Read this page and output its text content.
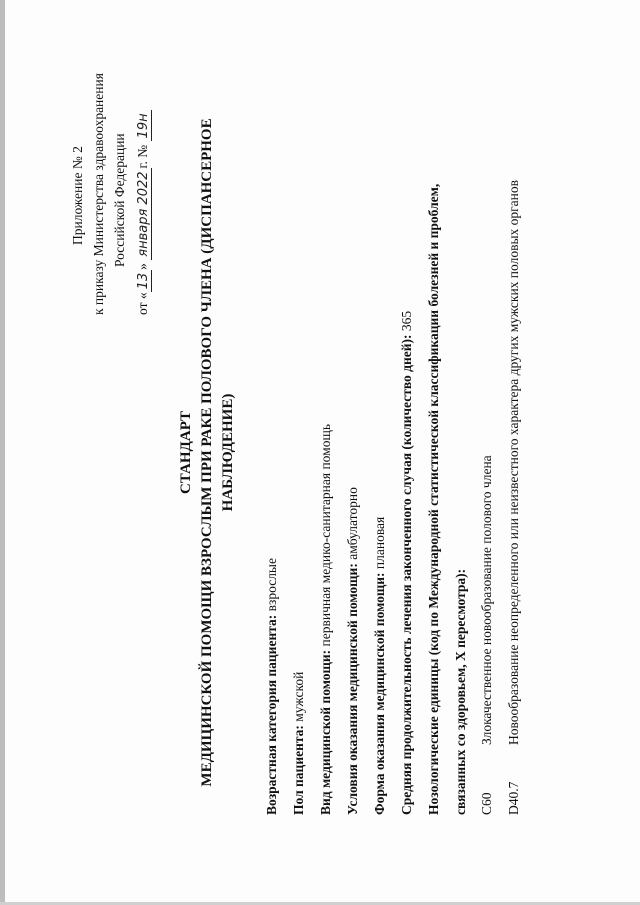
Приложение № 2 к приказу Министерства здравоохранения Российской Федерации
от «13» января 2022г. № 19н
СТАНДАРТ МЕДИЦИНСКОЙ ПОМОЩИ ВЗРОСЛЫМ ПРИ РАКЕ ПОЛОВОГО ЧЛЕНА (ДИСПАНСЕРНОЕ НАБЛЮДЕНИЕ)
Возрастная категория пациента: взрослые
Пол пациента: мужской Вид медицинской помощи: первичная медико-санитарная помощь
Условия оказания медицинской помощи: амбулаторно
Форма оказания медицинской помощи: плановая Средняя продолжительность лечения законченного случая (количество дней): 365 Нозологические единицы (код по Международной статистической классификации болезней и проблем, связанных со здоровьем, X пересмотра): C60Злокачественное новообразование полового члена
D40.7Новообразование неопределенного или неизвестного характера других мужских половых органов
